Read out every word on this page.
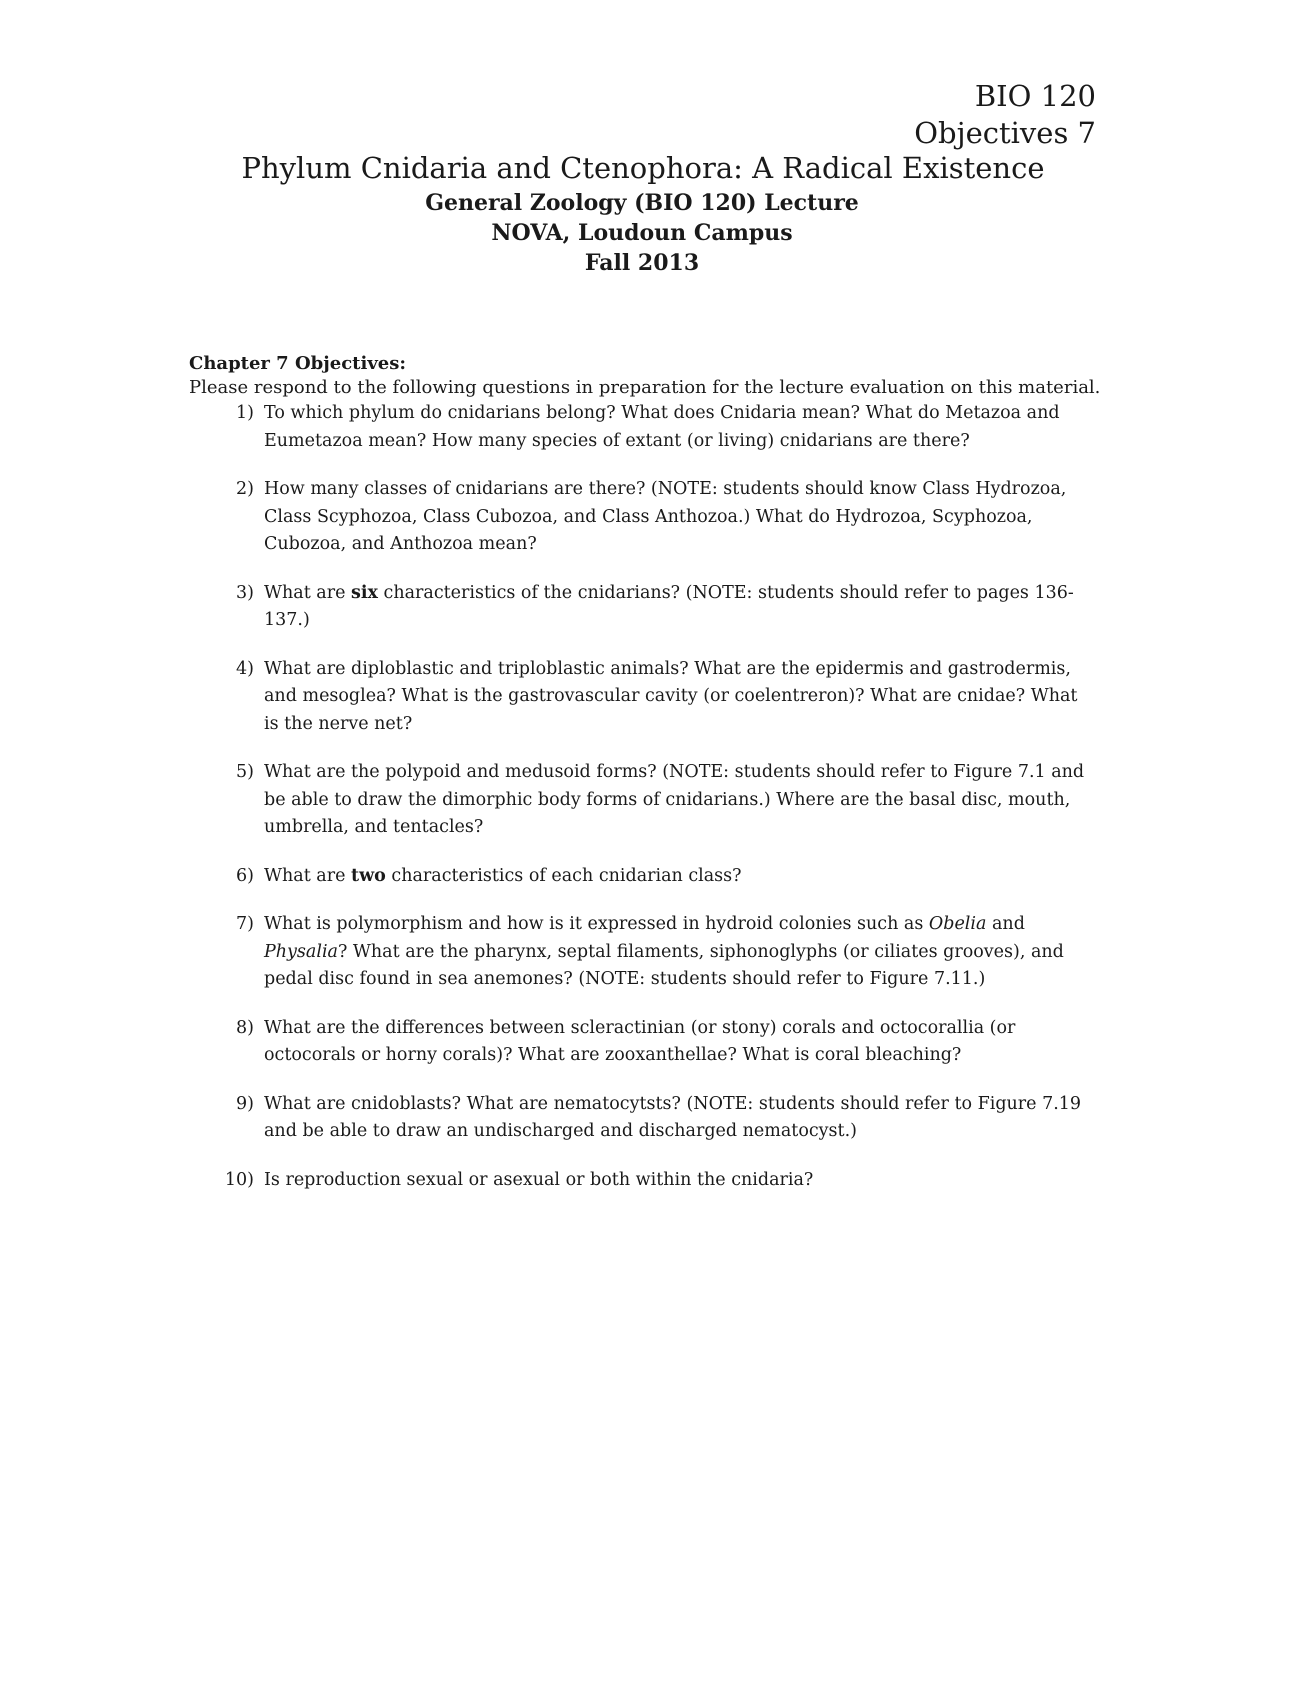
BIO 120
Objectives 7
Phylum Cnidaria and Ctenophora: A Radical Existence
General Zoology (BIO 120) Lecture
NOVA, Loudoun Campus
Fall 2013
Chapter 7 Objectives:
Please respond to the following questions in preparation for the lecture evaluation on this material.
1) To which phylum do cnidarians belong? What does Cnidaria mean? What do Metazoa and Eumetazoa mean? How many species of extant (or living) cnidarians are there?
2) How many classes of cnidarians are there? (NOTE: students should know Class Hydrozoa, Class Scyphozoa, Class Cubozoa, and Class Anthozoa.) What do Hydrozoa, Scyphozoa, Cubozoa, and Anthozoa mean?
3) What are six characteristics of the cnidarians? (NOTE: students should refer to pages 136-137.)
4) What are diploblastic and triploblastic animals? What are the epidermis and gastrodermis, and mesoglea? What is the gastrovascular cavity (or coelentreron)? What are cnidae? What is the nerve net?
5) What are the polypoid and medusoid forms? (NOTE: students should refer to Figure 7.1 and be able to draw the dimorphic body forms of cnidarians.) Where are the basal disc, mouth, umbrella, and tentacles?
6) What are two characteristics of each cnidarian class?
7) What is polymorphism and how is it expressed in hydroid colonies such as Obelia and Physalia? What are the pharynx, septal filaments, siphonoglyphs (or ciliates grooves), and pedal disc found in sea anemones? (NOTE: students should refer to Figure 7.11.)
8) What are the differences between scleractinian (or stony) corals and octocorallia (or octocorals or horny corals)? What are zooxanthellae? What is coral bleaching?
9) What are cnidoblasts? What are nematocytsts? (NOTE: students should refer to Figure 7.19 and be able to draw an undischarged and discharged nematocyst.)
10) Is reproduction sexual or asexual or both within the cnidaria?
